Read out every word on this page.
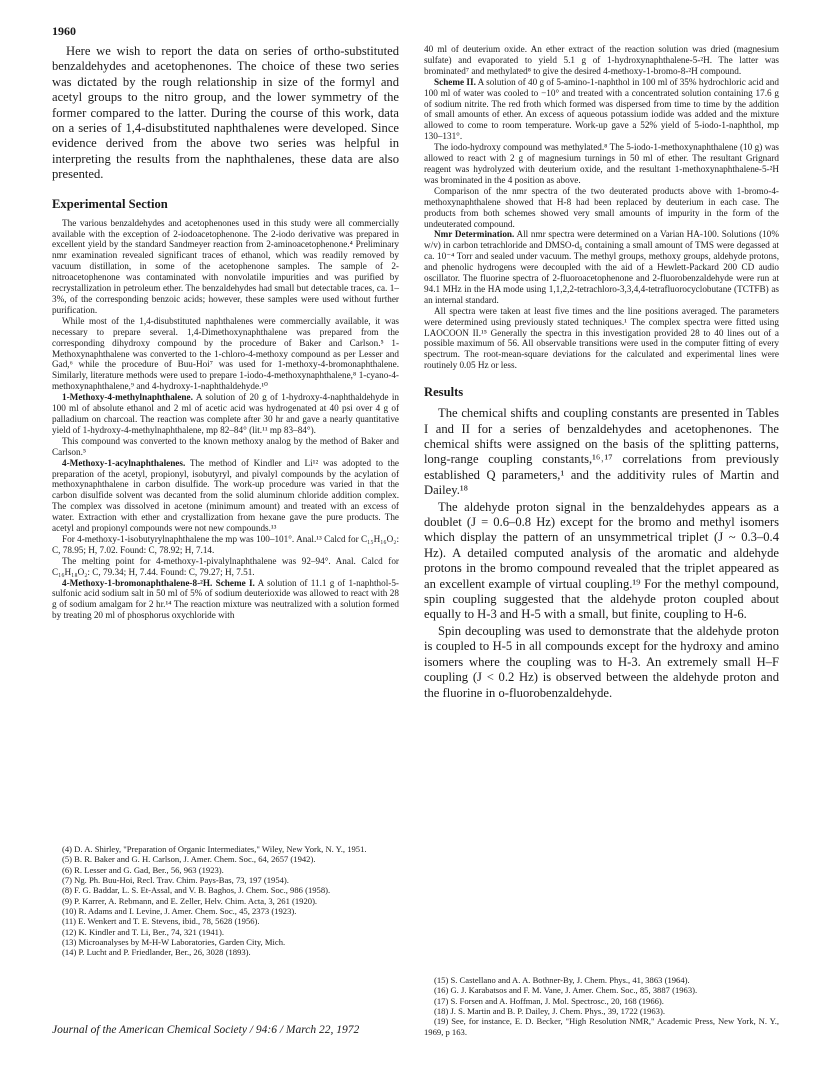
1960

Here we wish to report the data on series of ortho-substituted benzaldehydes and acetophenones. The choice of these two series was dictated by the rough relationship in size of the formyl and acetyl groups to the nitro group, and the lower symmetry of the former compared to the latter. During the course of this work, data on a series of 1,4-disubstituted naphthalenes were developed. Since evidence derived from the above two series was helpful in interpreting the results from the naphthalenes, these data are also presented.

Experimental Section

The various benzaldehydes and acetophenones used in this study were all commercially available with the exception of 2-iodoacetophenone. The 2-iodo derivative was prepared in excellent yield by the standard Sandmeyer reaction from 2-aminoacetophenone.⁴ Preliminary nmr examination revealed significant traces of ethanol, which was readily removed by vacuum distillation, in some of the acetophenone samples. The sample of 2-nitroacetophenone was contaminated with nonvolatile impurities and was purified by recrystallization in petroleum ether. The benzaldehydes had small but detectable traces, ca. 1–3%, of the corresponding benzoic acids; however, these samples were used without further purification.

While most of the 1,4-disubstituted naphthalenes were commercially available, it was necessary to prepare several. 1,4-Dimethoxynaphthalene was prepared from the corresponding dihydroxy compound by the procedure of Baker and Carlson.⁵ 1-Methoxynaphthalene was converted to the 1-chloro-4-methoxy compound as per Lesser and Gad,⁶ while the procedure of Buu-Hoi⁷ was used for 1-methoxy-4-bromonaphthalene. Similarly, literature methods were used to prepare 1-iodo-4-methoxynaphthalene,⁸ 1-cyano-4-methoxynaphthalene,⁹ and 4-hydroxy-1-naphthaldehyde.¹⁰

1-Methoxy-4-methylnaphthalene. A solution of 20 g of 1-hydroxy-4-naphthaldehyde in 100 ml of absolute ethanol and 2 ml of acetic acid was hydrogenated at 40 psi over 4 g of palladium on charcoal. The reaction was complete after 30 hr and gave a nearly quantitative yield of 1-hydroxy-4-methylnaphthalene, mp 82–84° (lit.¹¹ mp 83–84°).

This compound was converted to the known methoxy analog by the method of Baker and Carlson.⁵

4-Methoxy-1-acylnaphthalenes. The method of Kindler and Li¹² was adopted to the preparation of the acetyl, propionyl, isobutyryl, and pivalyl compounds by the acylation of methoxynaphthalene in carbon disulfide. The work-up procedure was varied in that the carbon disulfide solvent was decanted from the solid aluminum chloride addition complex. The complex was dissolved in acetone (minimum amount) and treated with an excess of water. Extraction with ether and crystallization from hexane gave the pure products. The acetyl and propionyl compounds were not new compounds.¹³

For 4-methoxy-1-isobutyrylnaphthalene the mp was 100–101°. Anal.¹³ Calcd for C₁₅H₁₆O₂: C, 78.95; H, 7.02. Found: C, 78.92; H, 7.14.

The melting point for 4-methoxy-1-pivalylnaphthalene was 92–94°. Anal. Calcd for C₁₆H₁₈O₂: C, 79.34; H, 7.44. Found: C, 79.27; H, 7.51.

4-Methoxy-1-bromonaphthalene-8-²H. Scheme I. A solution of 11.1 g of 1-naphthol-5-sulfonic acid sodium salt in 50 ml of 5% of sodium deuterioxide was allowed to react with 28 g of sodium amalgam for 2 hr.¹⁴ The reaction mixture was neutralized with a solution formed by treating 20 ml of phosphorus oxychloride with

(4) D. A. Shirley, "Preparation of Organic Intermediates," Wiley, New York, N. Y., 1951.

(5) B. R. Baker and G. H. Carlson, J. Amer. Chem. Soc., 64, 2657 (1942).

(6) R. Lesser and G. Gad, Ber., 56, 963 (1923).

(7) Ng. Ph. Buu-Hoi, Recl. Trav. Chim. Pays-Bas, 73, 197 (1954).

(8) F. G. Baddar, L. S. Et-Assal, and V. B. Baghos, J. Chem. Soc., 986 (1958).

(9) P. Karrer, A. Rebmann, and E. Zeller, Helv. Chim. Acta, 3, 261 (1920).

(10) R. Adams and I. Levine, J. Amer. Chem. Soc., 45, 2373 (1923).

(11) E. Wenkert and T. E. Stevens, ibid., 78, 5628 (1956).

(12) K. Kindler and T. Li, Ber., 74, 321 (1941).

(13) Microanalyses by M-H-W Laboratories, Garden City, Mich.

(14) P. Lucht and P. Friedlander, Ber., 26, 3028 (1893).

40 ml of deuterium oxide. An ether extract of the reaction solution was dried (magnesium sulfate) and evaporated to yield 5.1 g of 1-hydroxynaphthalene-5-²H. The latter was brominated⁷ and methylated⁸ to give the desired 4-methoxy-1-bromo-8-²H compound.

Scheme II. A solution of 40 g of 5-amino-1-naphthol in 100 ml of 35% hydrochloric acid and 100 ml of water was cooled to −10° and treated with a concentrated solution containing 17.6 g of sodium nitrite. The red froth which formed was dispersed from time to time by the addition of small amounts of ether. An excess of aqueous potassium iodide was added and the mixture allowed to come to room temperature. Work-up gave a 52% yield of 5-iodo-1-naphthol, mp 130–131°.

The iodo-hydroxy compound was methylated.⁸ The 5-iodo-1-methoxynaphthalene (10 g) was allowed to react with 2 g of magnesium turnings in 50 ml of ether. The resultant Grignard reagent was hydrolyzed with deuterium oxide, and the resultant 1-methoxynaphthalene-5-²H was brominated in the 4 position as above.

Comparison of the nmr spectra of the two deuterated products above with 1-bromo-4-methoxynaphthalene showed that H-8 had been replaced by deuterium in each case. The products from both schemes showed very small amounts of impurity in the form of the undeuterated compound.

Nmr Determination. All nmr spectra were determined on a Varian HA-100. Solutions (10% w/v) in carbon tetrachloride and DMSO-d₆ containing a small amount of TMS were degassed at ca. 10⁻⁴ Torr and sealed under vacuum. The methyl groups, methoxy groups, aldehyde protons, and phenolic hydrogens were decoupled with the aid of a Hewlett-Packard 200 CD audio oscillator. The fluorine spectra of 2-fluoroacetophenone and 2-fluorobenzaldehyde were run at 94.1 MHz in the HA mode using 1,1,2,2-tetrachloro-3,3,4,4-tetrafluorocyclobutane (TCTFB) as an internal standard.

All spectra were taken at least five times and the line positions averaged. The parameters were determined using previously stated techniques.¹ The complex spectra were fitted using LAOCOON II.¹⁵ Generally the spectra in this investigation provided 28 to 40 lines out of a possible maximum of 56. All observable transitions were used in the computer fitting of every spectrum. The root-mean-square deviations for the calculated and experimental lines were routinely 0.05 Hz or less.

Results

The chemical shifts and coupling constants are presented in Tables I and II for a series of benzaldehydes and acetophenones. The chemical shifts were assigned on the basis of the splitting patterns, long-range coupling constants,¹⁶˒¹⁷ correlations from previously established Q parameters,¹ and the additivity rules of Martin and Dailey.¹⁸

The aldehyde proton signal in the benzaldehydes appears as a doublet (J = 0.6–0.8 Hz) except for the bromo and methyl isomers which display the pattern of an unsymmetrical triplet (J ~ 0.3–0.4 Hz). A detailed computed analysis of the aromatic and aldehyde protons in the bromo compound revealed that the triplet appeared as an excellent example of virtual coupling.¹⁹ For the methyl compound, spin coupling suggested that the aldehyde proton coupled about equally to H-3 and H-5 with a small, but finite, coupling to H-6.

Spin decoupling was used to demonstrate that the aldehyde proton is coupled to H-5 in all compounds except for the hydroxy and amino isomers where the coupling was to H-3. An extremely small H–F coupling (J < 0.2 Hz) is observed between the aldehyde proton and the fluorine in o-fluorobenzaldehyde.

(15) S. Castellano and A. A. Bothner-By, J. Chem. Phys., 41, 3863 (1964).

(16) G. J. Karabatsos and F. M. Vane, J. Amer. Chem. Soc., 85, 3887 (1963).

(17) S. Forsen and A. Hoffman, J. Mol. Spectrosc., 20, 168 (1966).

(18) J. S. Martin and B. P. Dailey, J. Chem. Phys., 39, 1722 (1963).

(19) See, for instance, E. D. Becker, "High Resolution NMR," Academic Press, New York, N. Y., 1969, p 163.

Journal of the American Chemical Society / 94:6 / March 22, 1972
